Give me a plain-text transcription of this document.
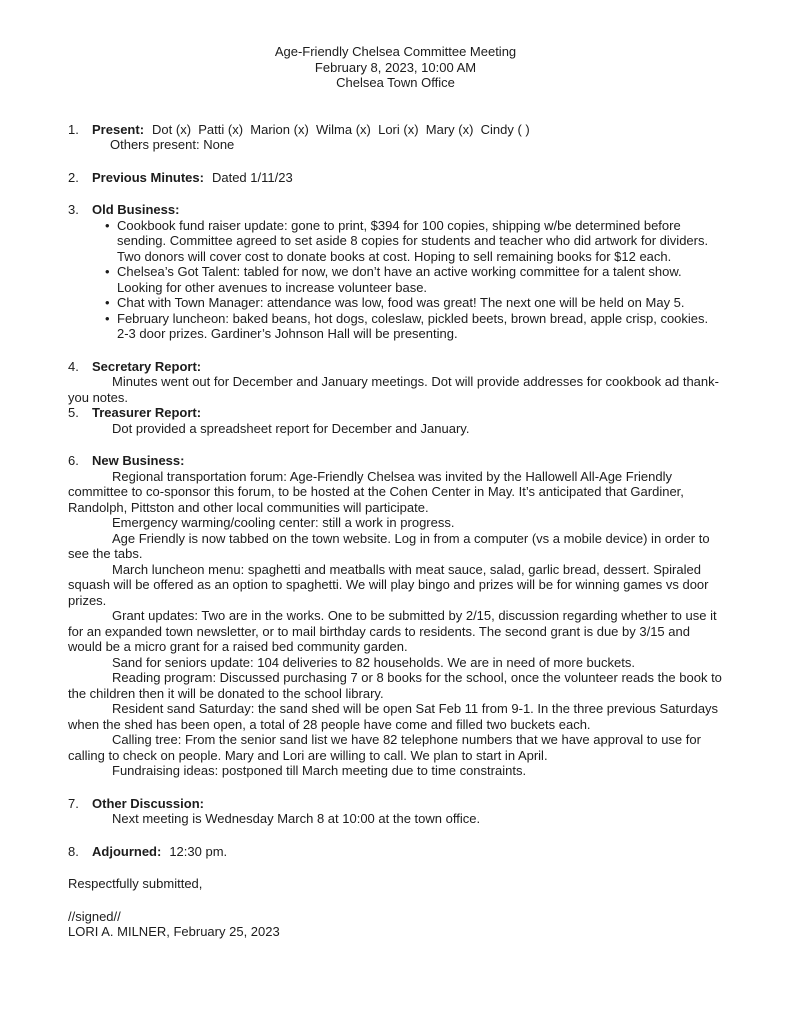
Age-Friendly Chelsea Committee Meeting
February 8, 2023, 10:00 AM
Chelsea Town Office
1.	Present: Dot (x)  Patti (x)  Marion (x)  Wilma (x)  Lori (x)  Mary (x)  Cindy ( )
Others present: None
2.	Previous Minutes: Dated 1/11/23
3.	Old Business:
• Cookbook fund raiser update: gone to print, $394 for 100 copies, shipping w/be determined before sending. Committee agreed to set aside 8 copies for students and teacher who did artwork for dividers. Two donors will cover cost to donate books at cost. Hoping to sell remaining books for $12 each.
• Chelsea’s Got Talent: tabled for now, we don’t have an active working committee for a talent show. Looking for other avenues to increase volunteer base.
• Chat with Town Manager: attendance was low, food was great! The next one will be held on May 5.
• February luncheon: baked beans, hot dogs, coleslaw, pickled beets, brown bread, apple crisp, cookies. 2-3 door prizes. Gardiner’s Johnson Hall will be presenting.
4.	Secretary Report:
Minutes went out for December and January meetings. Dot will provide addresses for cookbook ad thank-you notes.
5.	Treasurer Report:
Dot provided a spreadsheet report for December and January.
6.	New Business:
Regional transportation forum: Age-Friendly Chelsea was invited by the Hallowell All-Age Friendly committee to co-sponsor this forum, to be hosted at the Cohen Center in May. It’s anticipated that Gardiner, Randolph, Pittston and other local communities will participate.
Emergency warming/cooling center: still a work in progress.
Age Friendly is now tabbed on the town website. Log in from a computer (vs a mobile device) in order to see the tabs.
March luncheon menu: spaghetti and meatballs with meat sauce, salad, garlic bread, dessert. Spiraled squash will be offered as an option to spaghetti. We will play bingo and prizes will be for winning games vs door prizes.
Grant updates: Two are in the works. One to be submitted by 2/15, discussion regarding whether to use it for an expanded town newsletter, or to mail birthday cards to residents. The second grant is due by 3/15 and would be a micro grant for a raised bed community garden.
Sand for seniors update: 104 deliveries to 82 households. We are in need of more buckets.
Reading program: Discussed purchasing 7 or 8 books for the school, once the volunteer reads the book to the children then it will be donated to the school library.
Resident sand Saturday: the sand shed will be open Sat Feb 11 from 9-1. In the three previous Saturdays when the shed has been open, a total of 28 people have come and filled two buckets each.
Calling tree: From the senior sand list we have 82 telephone numbers that we have approval to use for calling to check on people. Mary and Lori are willing to call. We plan to start in April.
Fundraising ideas: postponed till March meeting due to time constraints.
7.	Other Discussion:
Next meeting is Wednesday March 8 at 10:00 at the town office.
8.	Adjourned: 12:30 pm.
Respectfully submitted,
//signed//
LORI A. MILNER, February 25, 2023
